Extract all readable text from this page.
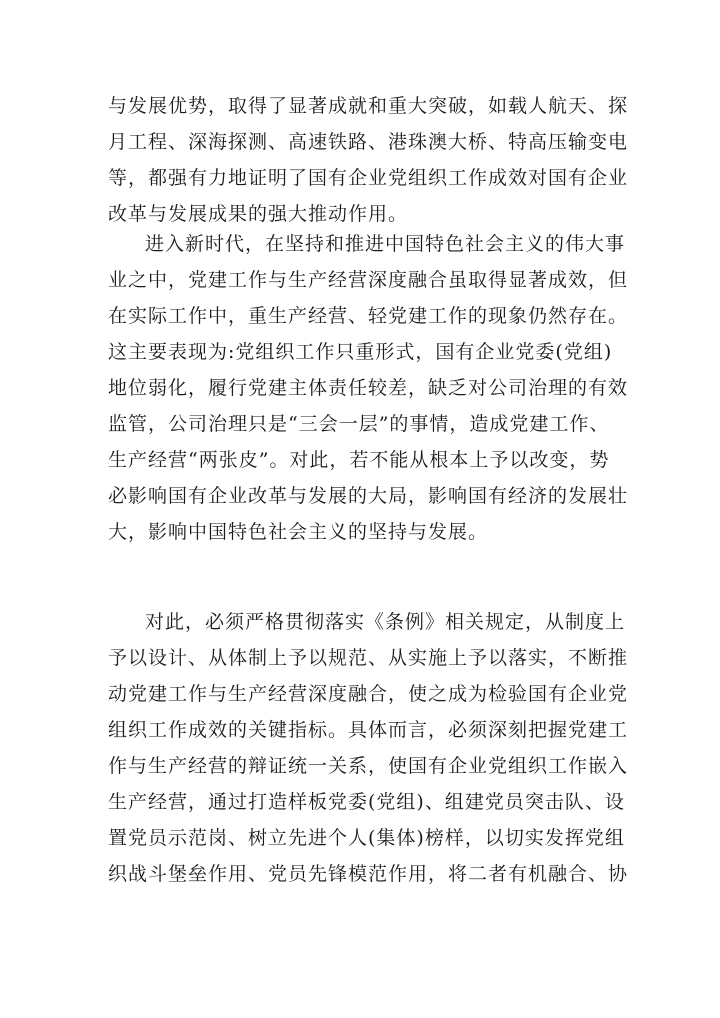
与发展优势，取得了显著成就和重大突破，如载人航天、探
月工程、深海探测、高速铁路、港珠澳大桥、特高压输变电
等，都强有力地证明了国有企业党组织工作成效对国有企业
改革与发展成果的强大推动作用。
进入新时代，在坚持和推进中国特色社会主义的伟大事
业之中，党建工作与生产经营深度融合虽取得显著成效，但
在实际工作中，重生产经营、轻党建工作的现象仍然存在。
这主要表现为:党组织工作只重形式，国有企业党委(党组)
地位弱化，履行党建主体责任较差，缺乏对公司治理的有效
监管，公司治理只是“三会一层”的事情，造成党建工作、
生产经营“两张皮”。对此，若不能从根本上予以改变，势
必影响国有企业改革与发展的大局，影响国有经济的发展壮
大，影响中国特色社会主义的坚持与发展。
对此，必须严格贯彻落实《条例》相关规定，从制度上
予以设计、从体制上予以规范、从实施上予以落实，不断推
动党建工作与生产经营深度融合，使之成为检验国有企业党
组织工作成效的关键指标。具体而言，必须深刻把握党建工
作与生产经营的辩证统一关系，使国有企业党组织工作嵌入
生产经营，通过打造样板党委(党组)、组建党员突击队、设
置党员示范岗、树立先进个人(集体)榜样，以切实发挥党组
织战斗堡垒作用、党员先锋模范作用，将二者有机融合、协
